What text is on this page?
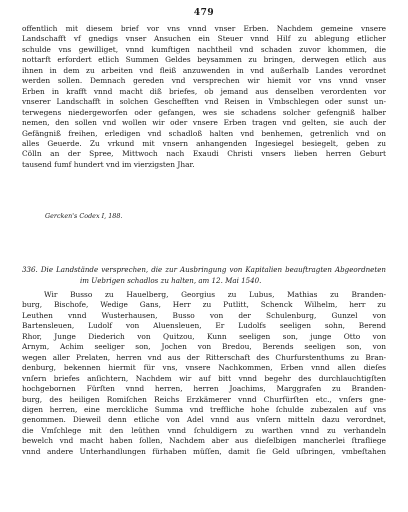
479
offentlich mit diesem brief vor vns vnnd vnser Erben. Nachdem gemeine vnsere
Landschafft vf gnedigs vnser Ansuchen ein Steuer vnnd Hilf zu ablegung etlicher
schulde vns gewilliget, vnnd kumftigen nachtheil vnd schaden zuvor khommen, die
nottarft erfordert etlich Summen Geldes beysammen zu bringen, derwegen etlich aus
ihnen in dem zu arbeiten vnd fleiß anzuwenden in vnd außerhalb Landes verordnet
werden sollen. Demnach gereden vnd versprechen wir hiemit vor vns vnnd vnser
Erben in krafft vnnd macht diß briefes, ob jemand aus denselben verordenten vor
vnserer Landschafft in solchen Geschefften vnd Reisen in Vmbschlegen oder sunst un-
terwegens niedergeworfen oder gefangen, wes sie schadens solcher gefengniß halber
nemen, den sollen vnd wollen wir oder vnsere Erben tragen vnd gelten, sie auch der
Gefängniß freihen, erledigen vnd schadloß halten vnd benhemen, getrenlich vnd on
alles Geuerde. Zu vrkund mit vnsern anhangenden Ingesiegel besiegelt, geben zu
Cölln an der Spree, Mittwoch nach Exaudi Christi vnsers lieben herren Geburt
tausend fumf hundert vnd im vierzigsten Jhar.
Gercken's Codex I, 188.
336. Die Landstände versprechen, die zur Ausbringung von Kapitalien beauftragten Abgeordneten
im Uebrigen schadlos zu halten, am 12. Mai 1540.
Wir Busso zu Hauelberg, Georgius zu Lubus, Mathias zu Branden-
burg, Bischofe, Wedige Gans, Herr zu Putlitt, Schenck Wilhelm, herr zu
Leuthen vnnd Wusterhausen, Busso von der Schulenburg, Gunzel von
Bartensleuen, Ludolf von Aluensleuen, Er Ludolfs seeligen sohn, Berend
Rhor, Junge Diederich von Quitzou, Kunn seeligen son, junge Otto von
Arnym, Achim seeliger son, Jochen von Bredou, Berends seeligen son, von
wegen aller Prelaten, herren vnd aus der Ritterschaft des Churfurstenthums zu Bran-
denburg, bekennen hiermit für vns, vnsere Nachkommen, Erben vnnd allen dieſes
vnſern briefes anſichtern, Nachdem wir auf bitt vnnd begehr des durchlauchtigſten
hochgebornen Fürſten vnnd herren, herren Joachims, Marggrafen zu Branden-
burg, des heiligen Romiſchen Reichs Erzkämerer vnnd Churfürſten etc., vnſers gne-
digen herren, eine merckliche Summa vnd treffliche hohe ſchulde zubezalen auf vns
genommen. Dieweil denn etliche von Adel vnnd aus vnſern mitteln dazu verordnet,
die Vmſchlege mit den leüthen vnnd ſchuldigern zu warthen vnnd zu verhandeln
bewelch vnd macht haben ſollen, Nachdem aber aus dieſelbigen mancherlei ſtrafliege
vnnd andere Unterhandlungen fürhaben müſſen, damit ſie Geld uſbringen, vmbeſtahen
